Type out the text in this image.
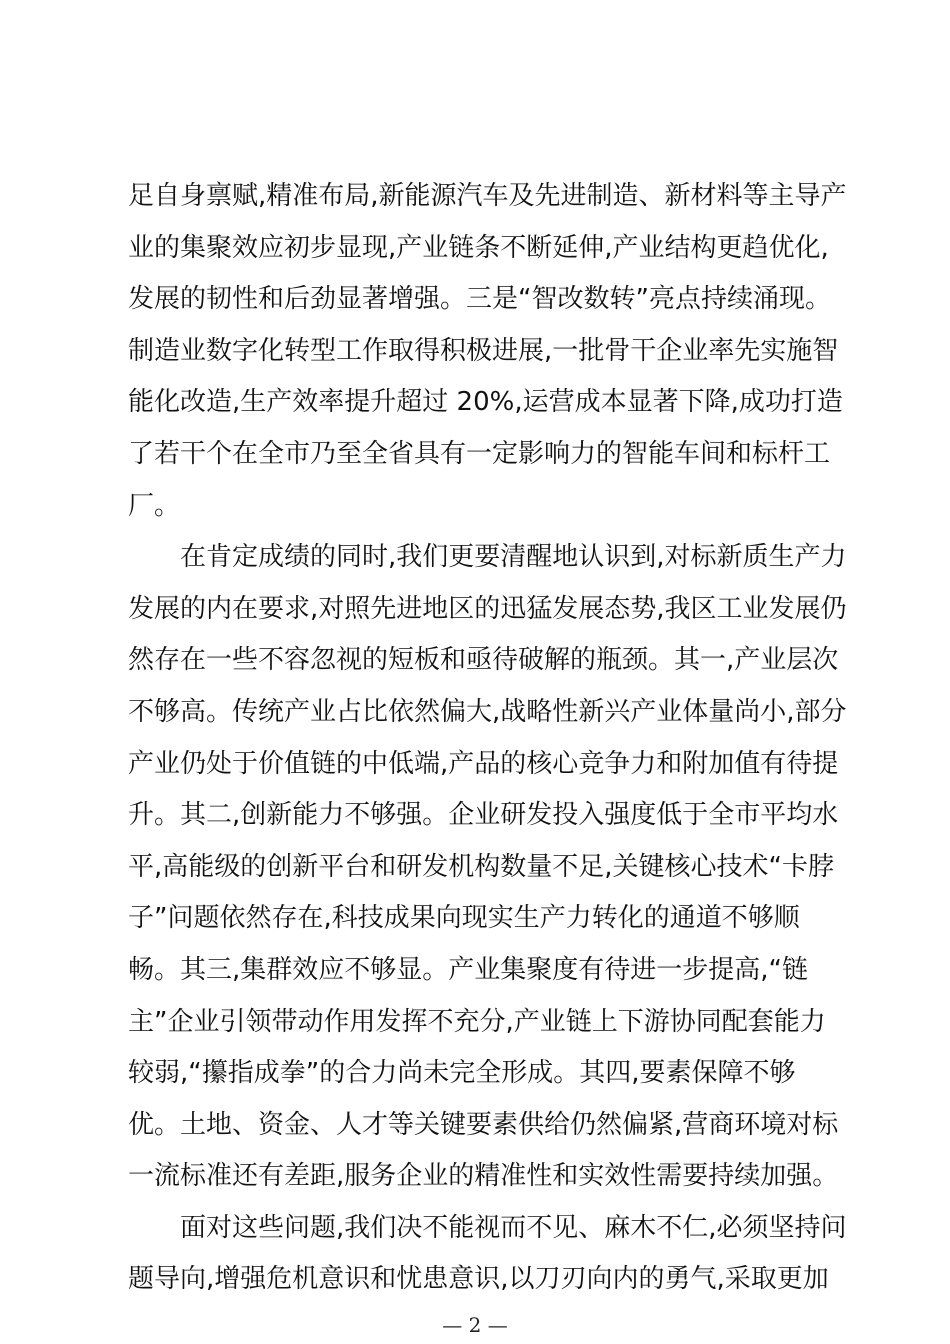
足自身禀赋,精准布局,新能源汽车及先进制造、新材料等主导产
业的集聚效应初步显现,产业链条不断延伸,产业结构更趋优化,
发展的韧性和后劲显著增强。三是“智改数转”亮点持续涌现。
制造业数字化转型工作取得积极进展,一批骨干企业率先实施智
能化改造,生产效率提升超过 20%,运营成本显著下降,成功打造
了若干个在全市乃至全省具有一定影响力的智能车间和标杆工
厂。
在肯定成绩的同时,我们更要清醒地认识到,对标新质生产力
发展的内在要求,对照先进地区的迅猛发展态势,我区工业发展仍
然存在一些不容忽视的短板和亟待破解的瓶颈。其一,产业层次
不够高。传统产业占比依然偏大,战略性新兴产业体量尚小,部分
产业仍处于价值链的中低端,产品的核心竞争力和附加值有待提
升。其二,创新能力不够强。企业研发投入强度低于全市平均水
平,高能级的创新平台和研发机构数量不足,关键核心技术“卡脖
子”问题依然存在,科技成果向现实生产力转化的通道不够顺
畅。其三,集群效应不够显。产业集聚度有待进一步提高,“链
主”企业引领带动作用发挥不充分,产业链上下游协同配套能力
较弱,“攥指成拳”的合力尚未完全形成。其四,要素保障不够
优。土地、资金、人才等关键要素供给仍然偏紧,营商环境对标
一流标准还有差距,服务企业的精准性和实效性需要持续加强。
面对这些问题,我们决不能视而不见、麻木不仁,必须坚持问
题导向,增强危机意识和忧患意识,以刀刃向内的勇气,采取更加
— 2 —
